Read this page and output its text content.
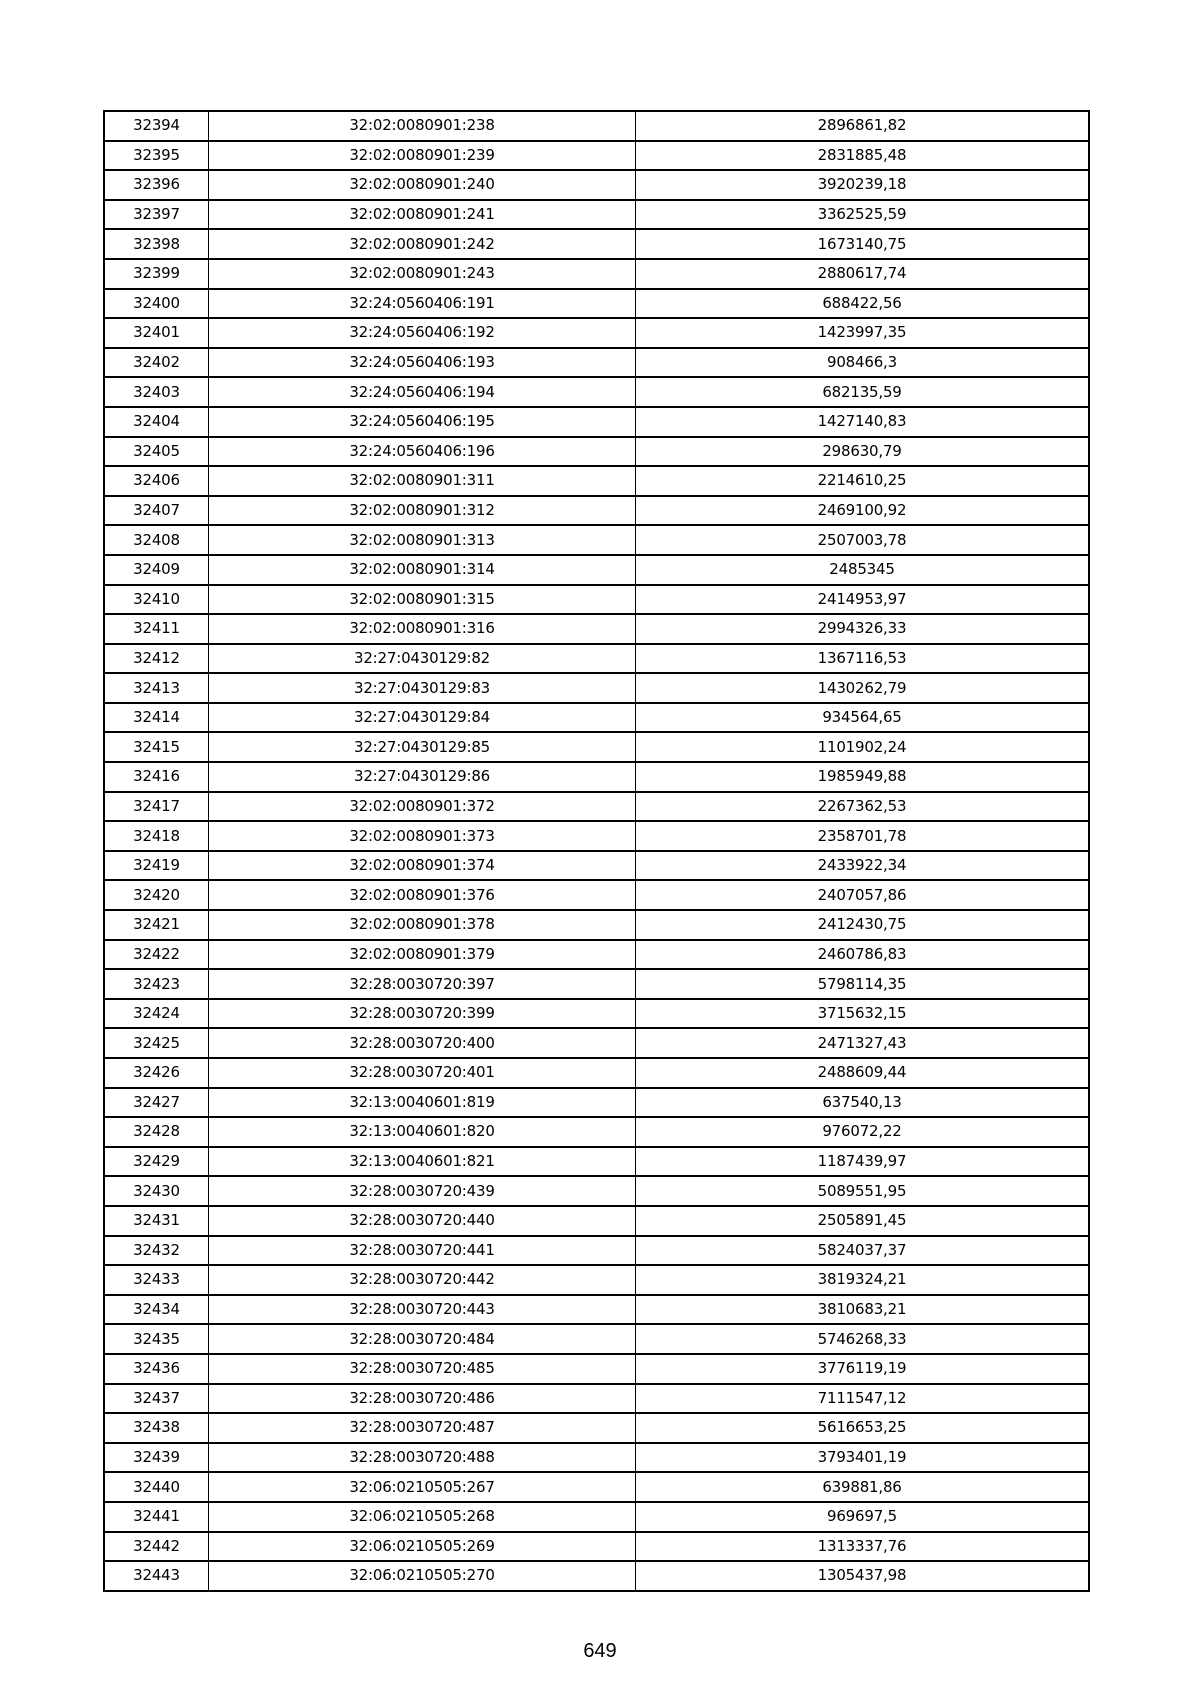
32394	32:02:0080901:238	2896861,82
32395	32:02:0080901:239	2831885,48
32396	32:02:0080901:240	3920239,18
32397	32:02:0080901:241	3362525,59
32398	32:02:0080901:242	1673140,75
32399	32:02:0080901:243	2880617,74
32400	32:24:0560406:191	688422,56
32401	32:24:0560406:192	1423997,35
32402	32:24:0560406:193	908466,3
32403	32:24:0560406:194	682135,59
32404	32:24:0560406:195	1427140,83
32405	32:24:0560406:196	298630,79
32406	32:02:0080901:311	2214610,25
32407	32:02:0080901:312	2469100,92
32408	32:02:0080901:313	2507003,78
32409	32:02:0080901:314	2485345
32410	32:02:0080901:315	2414953,97
32411	32:02:0080901:316	2994326,33
32412	32:27:0430129:82	1367116,53
32413	32:27:0430129:83	1430262,79
32414	32:27:0430129:84	934564,65
32415	32:27:0430129:85	1101902,24
32416	32:27:0430129:86	1985949,88
32417	32:02:0080901:372	2267362,53
32418	32:02:0080901:373	2358701,78
32419	32:02:0080901:374	2433922,34
32420	32:02:0080901:376	2407057,86
32421	32:02:0080901:378	2412430,75
32422	32:02:0080901:379	2460786,83
32423	32:28:0030720:397	5798114,35
32424	32:28:0030720:399	3715632,15
32425	32:28:0030720:400	2471327,43
32426	32:28:0030720:401	2488609,44
32427	32:13:0040601:819	637540,13
32428	32:13:0040601:820	976072,22
32429	32:13:0040601:821	1187439,97
32430	32:28:0030720:439	5089551,95
32431	32:28:0030720:440	2505891,45
32432	32:28:0030720:441	5824037,37
32433	32:28:0030720:442	3819324,21
32434	32:28:0030720:443	3810683,21
32435	32:28:0030720:484	5746268,33
32436	32:28:0030720:485	3776119,19
32437	32:28:0030720:486	7111547,12
32438	32:28:0030720:487	5616653,25
32439	32:28:0030720:488	3793401,19
32440	32:06:0210505:267	639881,86
32441	32:06:0210505:268	969697,5
32442	32:06:0210505:269	1313337,76
32443	32:06:0210505:270	1305437,98
649
